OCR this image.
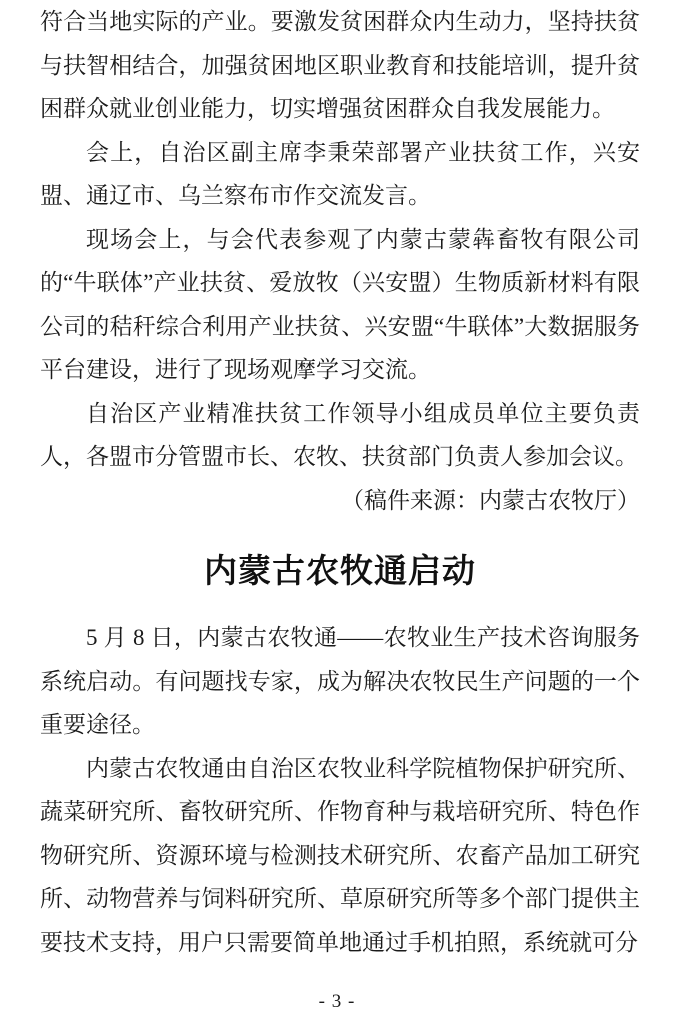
符合当地实际的产业。要激发贫困群众内生动力，坚持扶贫与扶智相结合，加强贫困地区职业教育和技能培训，提升贫困群众就业创业能力，切实增强贫困群众自我发展能力。

会上，自治区副主席李秉荣部署产业扶贫工作，兴安盟、通辽市、乌兰察布市作交流发言。

现场会上，与会代表参观了内蒙古蒙犇畜牧有限公司的“牛联体”产业扶贫、爱放牧（兴安盟）生物质新材料有限公司的秸秆综合利用产业扶贫、兴安盟“牛联体”大数据服务平台建设，进行了现场观摩学习交流。

自治区产业精准扶贫工作领导小组成员单位主要负责人，各盟市分管盟市长、农牧、扶贫部门负责人参加会议。

（稿件来源：内蒙古农牧厅）

内蒙古农牧通启动

5 月 8 日，内蒙古农牧通——农牧业生产技术咨询服务系统启动。有问题找专家，成为解决农牧民生产问题的一个重要途径。

内蒙古农牧通由自治区农牧业科学院植物保护研究所、蔬菜研究所、畜牧研究所、作物育种与栽培研究所、特色作物研究所、资源环境与检测技术研究所、农畜产品加工研究所、动物营养与饲料研究所、草原研究所等多个部门提供主要技术支持，用户只需要简单地通过手机拍照，系统就可分

- 3 -
